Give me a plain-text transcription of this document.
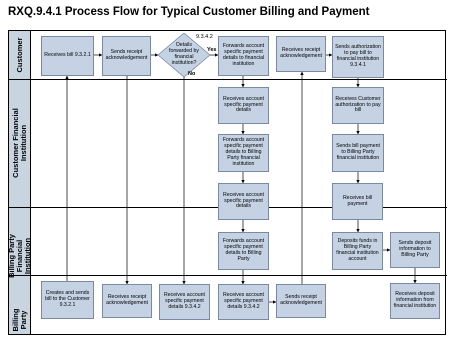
RXQ.9.4.1 Process Flow for Typical Customer Billing and Payment
Customer
Customer Financial Institution
Billing Party Financial Institution
Billing Party
Receives bill 9.3.2.1	Sends receipt acknowledgement
Details forwarded by financial institution?
9.3.4.2
Yes
No
Forwards account specific payment details to financial institution
Receives receipt acknowledgement
Sends authorization to pay bill to financial institution 9.3.4.1
Receives account specific payment details
Forwards account specific payment details to Billing Party financial institution
Receives Customer authorization to pay bill
Sends bill payment to Billing Party financial institution
Receives account specific payment details
Forwards account specific payment details to Billing Party
Receives bill payment
Deposits funds in Billing Party financial institution account
Sends deposit information to Billing Party
Creates and sends bill to the Customer 9.3.2.1
Receives receipt acknowledgement
Receives account specific payment details 9.3.4.2
Receives account specific payment details 9.3.4.2
Sends receipt acknowledgement
Receives deposit information from financial institution
